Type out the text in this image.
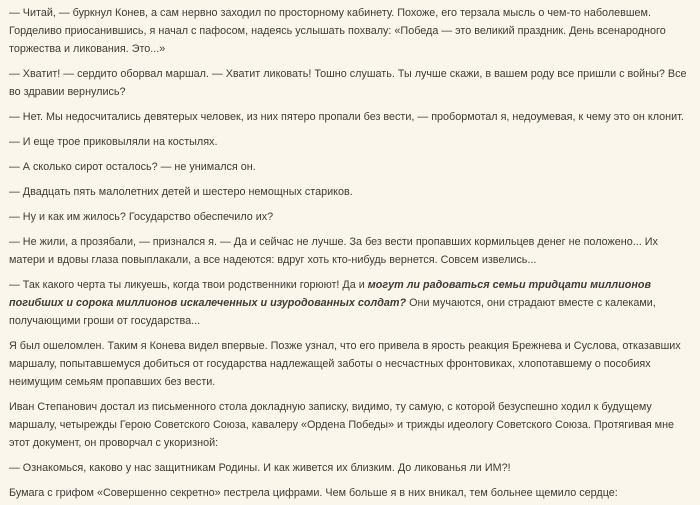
— Читай, — буркнул Конев, а сам нервно заходил по просторному кабинету. Похоже, его терзала мысль о чем-то наболевшем. Горделиво приосанившись, я начал с пафосом, надеясь услышать похвалу: «Победа — это великий праздник. День всенародного торжества и ликования. Это...»

— Хватит! — сердито оборвал маршал. — Хватит ликовать! Тошно слушать. Ты лучше скажи, в вашем роду все пришли с войны? Все во здравии вернулись?

— Нет. Мы недосчитались девятерых человек, из них пятеро пропали без вести, — пробормотал я, недоумевая, к чему это он клонит.

— И еще трое приковыляли на костылях.

— А сколько сирот осталось? — не унимался он.

— Двадцать пять малолетних детей и шестеро немощных стариков.

— Ну и как им жилось? Государство обеспечило их?

— Не жили, а прозябали, — признался я. — Да и сейчас не лучше. За без вести пропавших кормильцев денег не положено... Их матери и вдовы глаза повыплакали, а все надеются: вдруг хоть кто-нибудь вернется. Совсем извелись...

— Так какого черта ты ликуешь, когда твои родственники горюют! Да и могут ли радоваться семьи тридцати миллионов погибших и сорока миллионов искалеченных и изуродованных солдат? Они мучаются, они страдают вместе с калеками, получающими гроши от государства...

Я был ошеломлен. Таким я Конева видел впервые. Позже узнал, что его привела в ярость реакция Брежнева и Суслова, отказавших маршалу, попытавшемуся добиться от государства надлежащей заботы о несчастных фронтовиках, хлопотавшему о пособиях неимущим семьям пропавших без вести.

Иван Степанович достал из письменного стола докладную записку, видимо, ту самую, с которой безуспешно ходил к будущему маршалу, четырежды Герою Советского Союза, кавалеру «Ордена Победы» и трижды идеологу Советского Союза. Протягивая мне этот документ, он проворчал с укоризной:

— Ознакомься, каково у нас защитникам Родины. И как живется их близким. До ликованья ли ИМ?!

Бумага с грифом «Совершенно секретно» пестрела цифрами. Чем больше я в них вникал, тем больнее щемило сердце:
